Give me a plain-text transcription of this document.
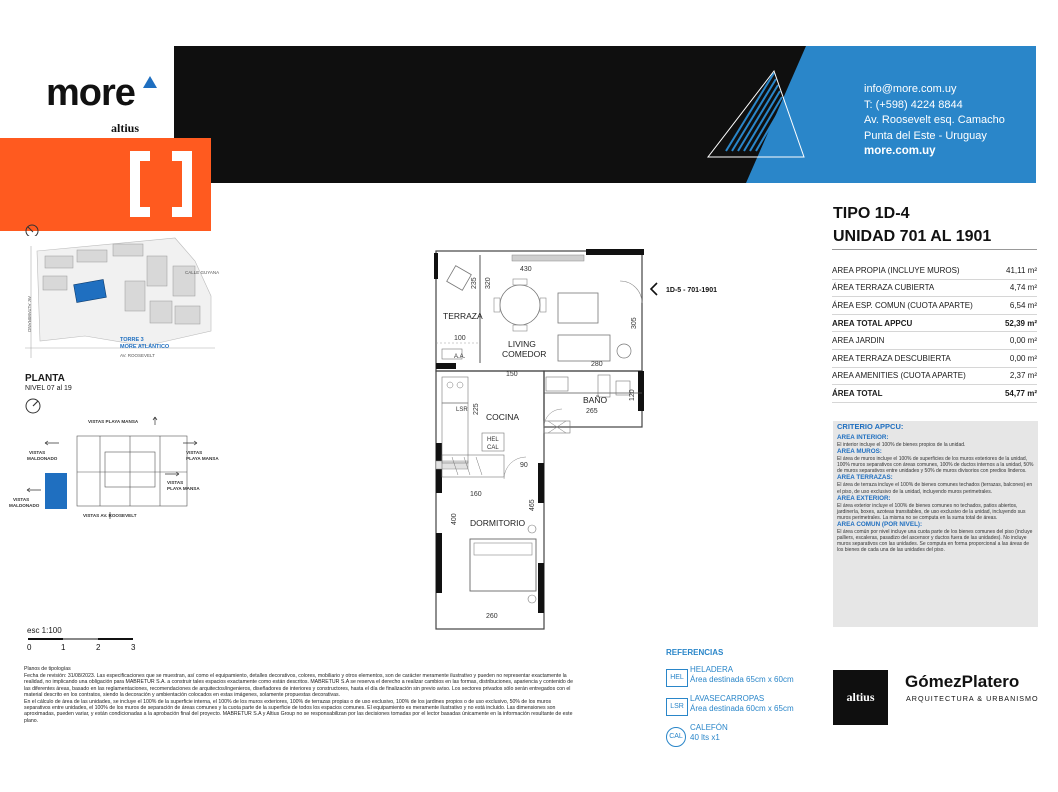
more
altius
info@more.com.uy
T: (+598) 4224 8844
Av. Roosevelt esq. Camacho
Punta del Este - Uruguay
more.com.uy
TORRE 3
MORE ATLÁNTICO
CALLE GUYANA
AV. ROOSEVELT
AV. ALTAMIRANO
PLANTA
NIVEL 07 al 19
VISTAS PLAYA MANSA
VISTAS
MALDONADO
VISTAS
PLAYA MANSA
VISTAS
PLAYA MANSA
VISTAS
MALDONADO
VISTAS AV. ROOSEVELT
esc 1:100
0	1	2	3

Planos de tipologías

Fecha de revisión: 31/08/2023. Las especificaciones que se muestran, así como el equipamiento, detalles decorativos, colores, mobiliario y otros elementos, son de carácter meramente ilustrativo y pueden no representar exactamente la realidad, no implicando una obligación para MABRETUR S.A. a construir tales espacios exactamente como están descritos. MABRETUR S.A se reserva el derecho a realizar cambios en las formas, distribuciones, apariencia y contenido de las diferentes áreas, basado en las reglamentaciones, recomendaciones de arquitectos/ingenieros, diseñadores de interiores y constructores, hasta el día de finalización sin previo aviso. Los sectores privados sólo serán entregados con el material descrito en los contratos, siendo la decoración y ambientación colocados en estas imágenes, solamente propuestas decorativas.

En el cálculo de área de las unidades, se incluye el 100% de la superficie interna, el 100% de los muros exteriores, 100% de terrazas propias o de uso exclusivo, 100% de los jardines propios o de uso exclusivo, 50% de los muros separativos entre unidades, el 100% de los muros de separación de áreas comunes y la cuota parte de la superficie de todos los espacios comunes. El equipamiento es meramente ilustrativo y no está incluido. Las dimensiones son aproximadas, pueden variar, y están condicionadas a la aprobación final del proyecto. MABRETUR S.A y Altius Group no se responsabilizan por las decisiones tomadas por el lector basadas únicamente en la información resultante de este plano.

TERRAZA
LIVING
COMEDOR
COCINA
BAÑO
DORMITORIO
HEL
CAL
LSR
A.A.
430
320
235
305
100
280
150
225	265
120
90
160
465
400
260
1D-5 - 701-1901
TIPO 1D-4
UNIDAD 701 AL 1901
AREA PROPIA (INCLUYE MUROS)	41,11 m²
ÁREA TERRAZA CUBIERTA	4,74 m²
ÁREA ESP. COMUN (CUOTA APARTE)	6,54 m²
AREA TOTAL APPCU	52,39 m²
AREA JARDIN	0,00 m²
AREA TERRAZA DESCUBIERTA	0,00 m²
AREA AMENITIES (CUOTA APARTE)	2,37 m²
ÁREA TOTAL	54,77 m²
CRITERIO APPCU:
AREA INTERIOR:
El interior incluye el 100% de bienes propios de la unidad.
AREA MUROS:
El área de muros incluye el 100% de superficies de los muros exteriores de la unidad, 100% muros separativos con áreas comunes, 100% de ductos internos a la unidad, 50% de muros separativos entre unidades y 50% de muros divisorios con predios linderos.
AREA TERRAZAS:
El área de terraza incluye el 100% de bienes comunes techados (terrazas, balcones) en el piso, de uso exclusivo de la unidad, incluyendo muros perimetrales.
AREA EXTERIOR:
El área exterior incluye el 100% de bienes comunes no techados, patios abiertos, jardinería, boxes, azoteas transitables, de uso exclusivo de la unidad, incluyendo sus muros perimetrales. La misma no se computa en la suma total de áreas.
AREA COMUN (POR NIVEL):
El área común por nivel incluye una cuota parte de los bienes comunes del piso (incluye palliers, escaleras, pasadizo del ascensor y ductos fuera de las unidades). No incluye muros separativos con las unidades. Se computa en forma proporcional a las áreas de los bienes de cada una de las unidades del piso.
REFERENCIAS
HEL
HELADERA
Área destinada 65cm x 60cm
LSR
LAVASECARROPAS
Área destinada 60cm x 65cm
CAL
CALEFÓN
40 lts x1
altius
GómezPlatero
ARQUITECTURA & URBANISMO
